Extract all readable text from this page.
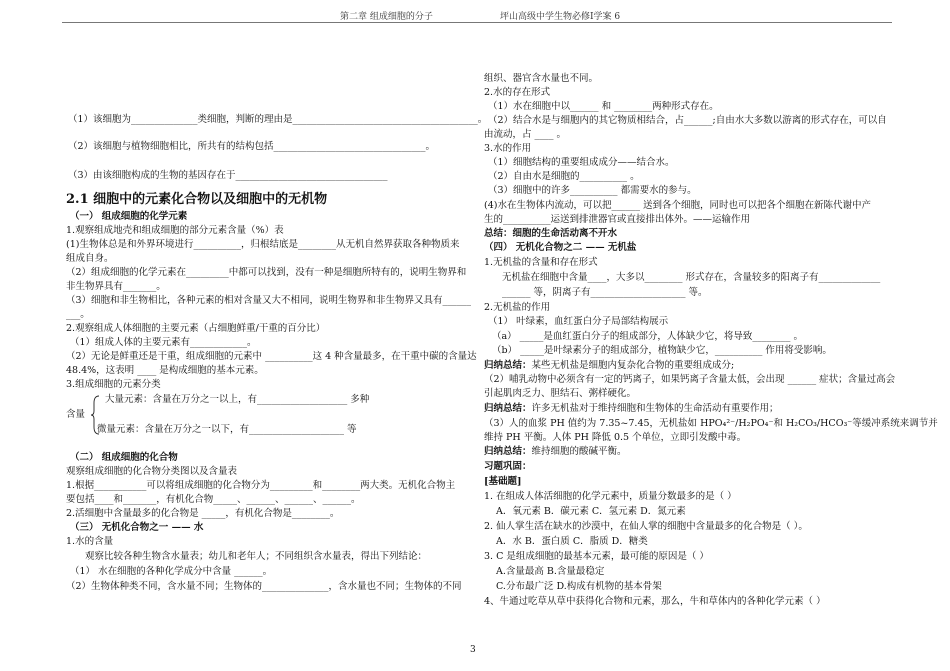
第二章 组成细胞的分子	坪山高级中学生物必修I学案 6
（1）该细胞为______________类细胞，判断的理由是_______________________________________。
（2）该细胞与植物细胞相比，所共有的结构包括________________________________。
（3）由该细胞构成的生物的基因存在于________________________________
2.1 细胞中的元素化合物以及细胞中的无机物
（一） 组成细胞的化学元素
1.观察组成地壳和组成细胞的部分元素含量（%）表
(1)生物体总是和外界环境进行__________，归根结底是________从无机自然界获取各种物质来
组成自身。
（2）组成细胞的化学元素在_________中都可以找到，没有一种是细胞所特有的，说明生物界和
非生物界具有_______。
（3）细胞和非生物相比，各种元素的相对含量又大不相同，说明生物界和非生物界又具有______
___。
2.观察组成人体细胞的主要元素（占细胞鲜重/干重的百分比）
（1）组成人体的主要元素有____________。
（2）无论是鲜重还是干重，组成细胞的元素中 __________这 4 种含量最多，在干重中碳的含量达
48.4%，这表明 ____ 是构成细胞的基本元素。
3.组成细胞的元素分类
大量元素：含量在万分之一以上，有___________________ 多种
含量
微量元素：含量在万分之一以下，有____________________ 等
（二） 组成细胞的化合物
观察组成细胞的化合物分类图以及含量表
1.根据___________可以将组成细胞的化合物分为_________和________两大类。无机化合物主
要包括____和_______，有机化合物_____、______、______、______。
2.活细胞中含量最多的化合物是 _____，有机化合物是________。
（三） 无机化合物之一 —— 水
1.水的含量
观察比较各种生物含水量表；幼儿和老年人；不同组织含水量表，得出下列结论：
（1） 水在细胞的各种化学成分中含量 ______。
（2）生物体种类不同，含水量不同；生物体的______________，含水量也不同；生物体的不同
组织、器官含水量也不同。
2.水的存在形式
（1）水在细胞中以______ 和 ________两种形式存在。
（2）结合水是与细胞内的其它物质相结合，占______;自由水大多数以游离的形式存在，可以自
由流动，占 ____ 。
3.水的作用
（1）细胞结构的重要组成成分——结合水。
（2）自由水是细胞的__________ 。
（3）细胞中的许多__________ 都需要水的参与。
(4)水在生物体内流动，可以把______ 送到各个细胞，同时也可以把各个细胞在新陈代谢中产
生的__________运送到排泄器官或直接排出体外。——运输作用
总结：细胞的生命活动离不开水
（四） 无机化合物之二 —— 无机盐
1.无机盐的含量和存在形式
无机盐在细胞中含量____，大多以________ 形式存在，含量较多的阳离子有_____________
______ 等，阴离子有____________________ 等。
2.无机盐的作用
（1） 叶绿素，血红蛋白分子局部结构展示
（a） _____是血红蛋白分子的组成部分，人体缺少它，将导致________ 。
（b） _____是叶绿素分子的组成部分，植物缺少它，__________ 作用将受影响。
归纳总结：某些无机盐是细胞内复杂化合物的重要组成成分;
（2）哺乳动物中必须含有一定的钙离子，如果钙离子含量太低，会出现 ______ 症状；含量过高会
引起肌肉乏力、胆结石、粥样硬化。
归纳总结：许多无机盐对于维持细胞和生物体的生命活动有重要作用；
（3）人的血浆 PH 值约为 7.35~7.45，无机盐如 HPO₄²⁻/H₂PO₄⁻和 H₂CO₃/HCO₃⁻等缓冲系统来调节并
维持 PH 平衡。人体 PH 降低 0.5 个单位，立即引发酸中毒。
归纳总结：维持细胞的酸碱平衡。
习题巩固：
[基础题]
1. 在组成人体活细胞的化学元素中，质量分数最多的是（ ）
A．氧元素 B．碳元素 C．氢元素 D．氮元素
2. 仙人掌生活在缺水的沙漠中，在仙人掌的细胞中含量最多的化合物是（ ）。
A．水 B．蛋白质 C．脂质 D．糖类
3. C 是组成细胞的最基本元素，最可能的原因是（ ）
A.含量最高 B.含量最稳定
C.分布最广泛 D.构成有机物的基本骨架
4、牛通过吃草从草中获得化合物和元素，那么，牛和草体内的各种化学元素（ ）
3
